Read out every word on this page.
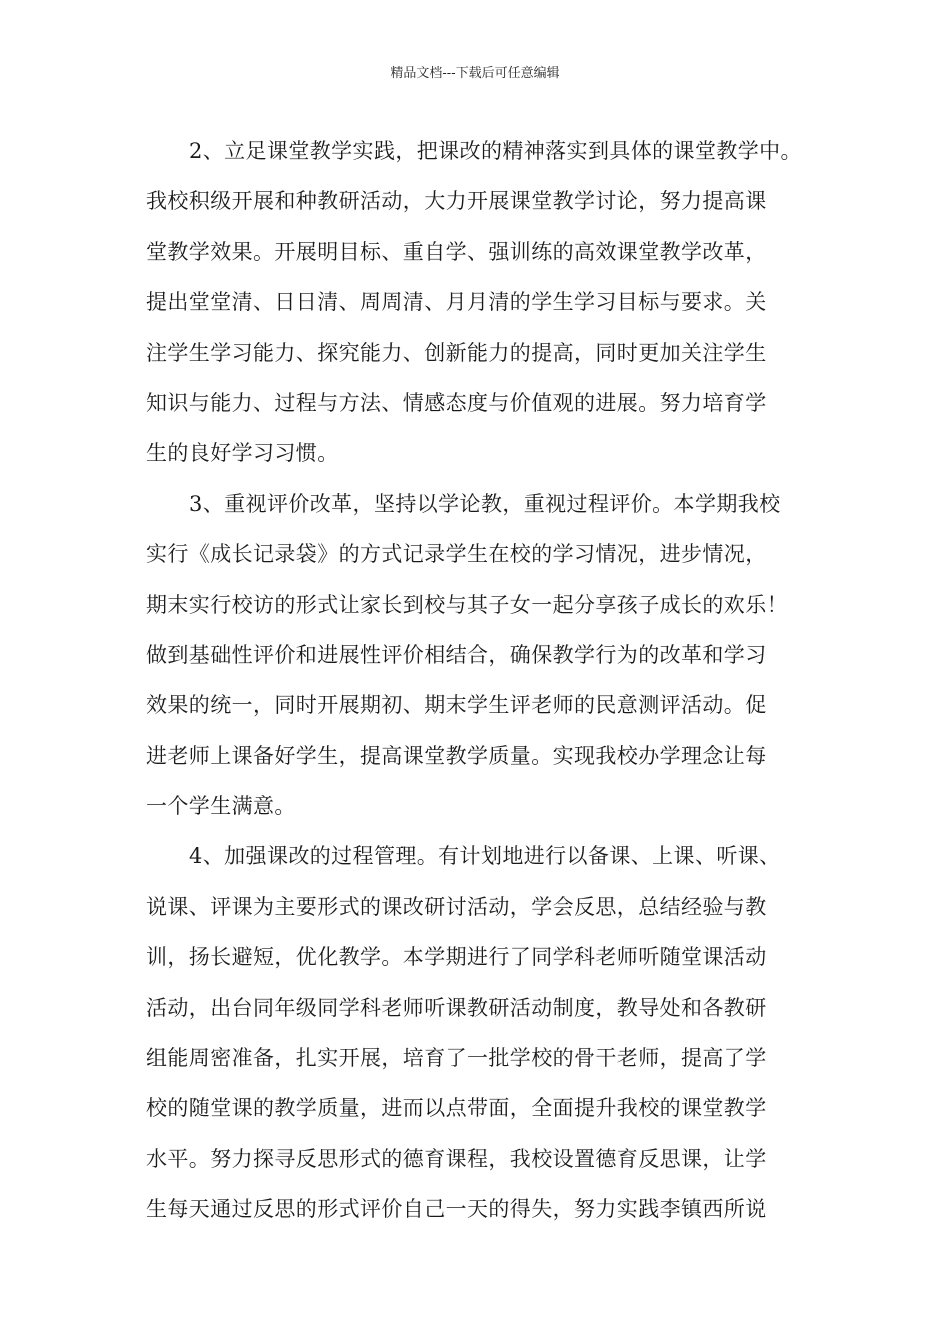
精品文档---下载后可任意编辑
2、立足课堂教学实践，把课改的精神落实到具体的课堂教学中。
我校积级开展和种教研活动，大力开展课堂教学讨论，努力提高课
堂教学效果。开展明目标、重自学、强训练的高效课堂教学改革，
提出堂堂清、日日清、周周清、月月清的学生学习目标与要求。关
注学生学习能力、探究能力、创新能力的提高，同时更加关注学生
知识与能力、过程与方法、情感态度与价值观的进展。努力培育学
生的良好学习习惯。
3、重视评价改革，坚持以学论教，重视过程评价。本学期我校
实行《成长记录袋》的方式记录学生在校的学习情况，进步情况，
期末实行校访的形式让家长到校与其子女一起分享孩子成长的欢乐！
做到基础性评价和进展性评价相结合，确保教学行为的改革和学习
效果的统一，同时开展期初、期末学生评老师的民意测评活动。促
进老师上课备好学生，提高课堂教学质量。实现我校办学理念让每
一个学生满意。
4、加强课改的过程管理。有计划地进行以备课、上课、听课、
说课、评课为主要形式的课改研讨活动，学会反思，总结经验与教
训，扬长避短，优化教学。本学期进行了同学科老师听随堂课活动
活动，出台同年级同学科老师听课教研活动制度，教导处和各教研
组能周密准备，扎实开展，培育了一批学校的骨干老师，提高了学
校的随堂课的教学质量，进而以点带面，全面提升我校的课堂教学
水平。努力探寻反思形式的德育课程，我校设置德育反思课，让学
生每天通过反思的形式评价自己一天的得失，努力实践李镇西所说
